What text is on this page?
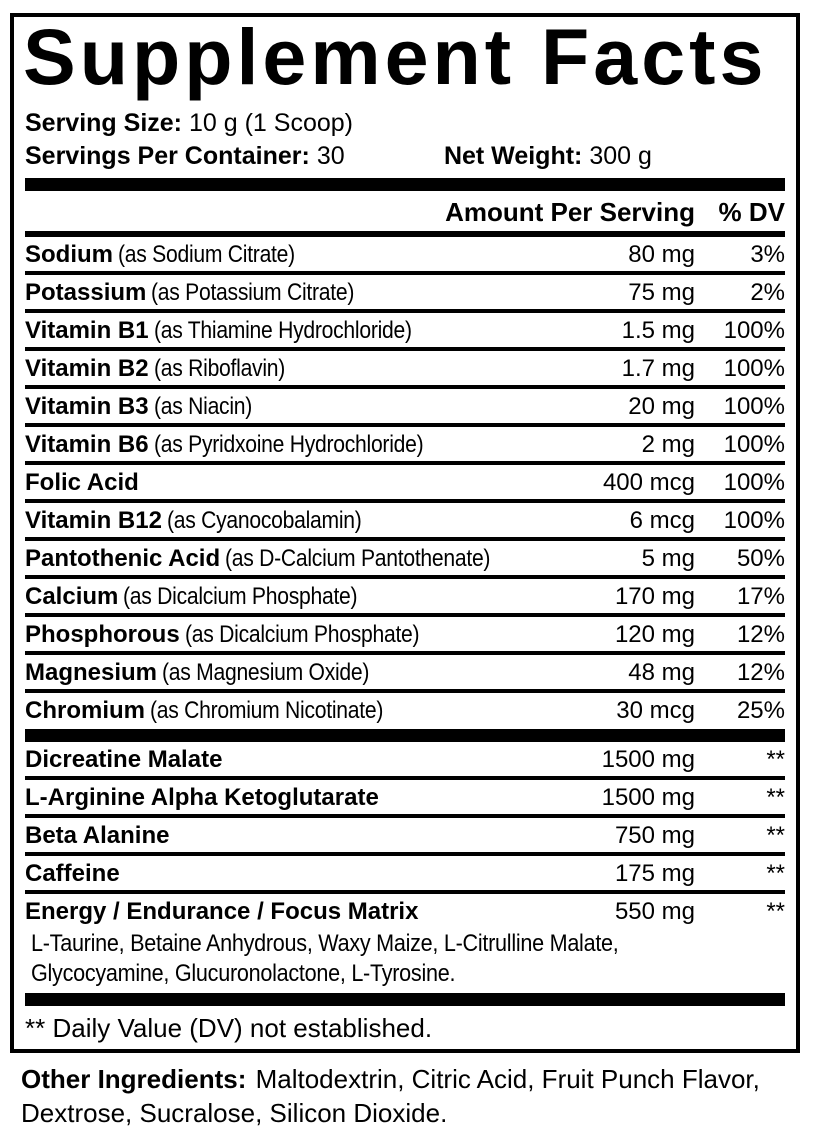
Supplement Facts
Serving Size: 10 g (1 Scoop)
Servings Per Container: 30	Net Weight: 300 g
Amount Per Serving % DV
Sodium (as Sodium Citrate)	80 mg	3%
Potassium (as Potassium Citrate)	75 mg	2%
Vitamin B1 (as Thiamine Hydrochloride)	1.5 mg	100%
Vitamin B2 (as Riboflavin)	1.7 mg	100%
Vitamin B3 (as Niacin)	20 mg	100%
Vitamin B6 (as Pyridxoine Hydrochloride)	2 mg	100%
Folic Acid	400 mcg	100%
Vitamin B12 (as Cyanocobalamin)	6 mcg	100%
Pantothenic Acid (as D-Calcium Pantothenate)	5 mg	50%
Calcium (as Dicalcium Phosphate)	170 mg	17%
Phosphorous (as Dicalcium Phosphate)	120 mg	12%
Magnesium (as Magnesium Oxide)	48 mg	12%
Chromium (as Chromium Nicotinate)	30 mcg	25%
Dicreatine Malate	1500 mg	**
L-Arginine Alpha Ketoglutarate	1500 mg	**
Beta Alanine	750 mg	**
Caffeine	175 mg	**
Energy / Endurance / Focus Matrix	550 mg	**
L-Taurine, Betaine Anhydrous, Waxy Maize, L-Citrulline Malate, Glycocyamine, Glucuronolactone, L-Tyrosine.
** Daily Value (DV) not established.
Other Ingredients: Maltodextrin, Citric Acid, Fruit Punch Flavor, Dextrose, Sucralose, Silicon Dioxide.
